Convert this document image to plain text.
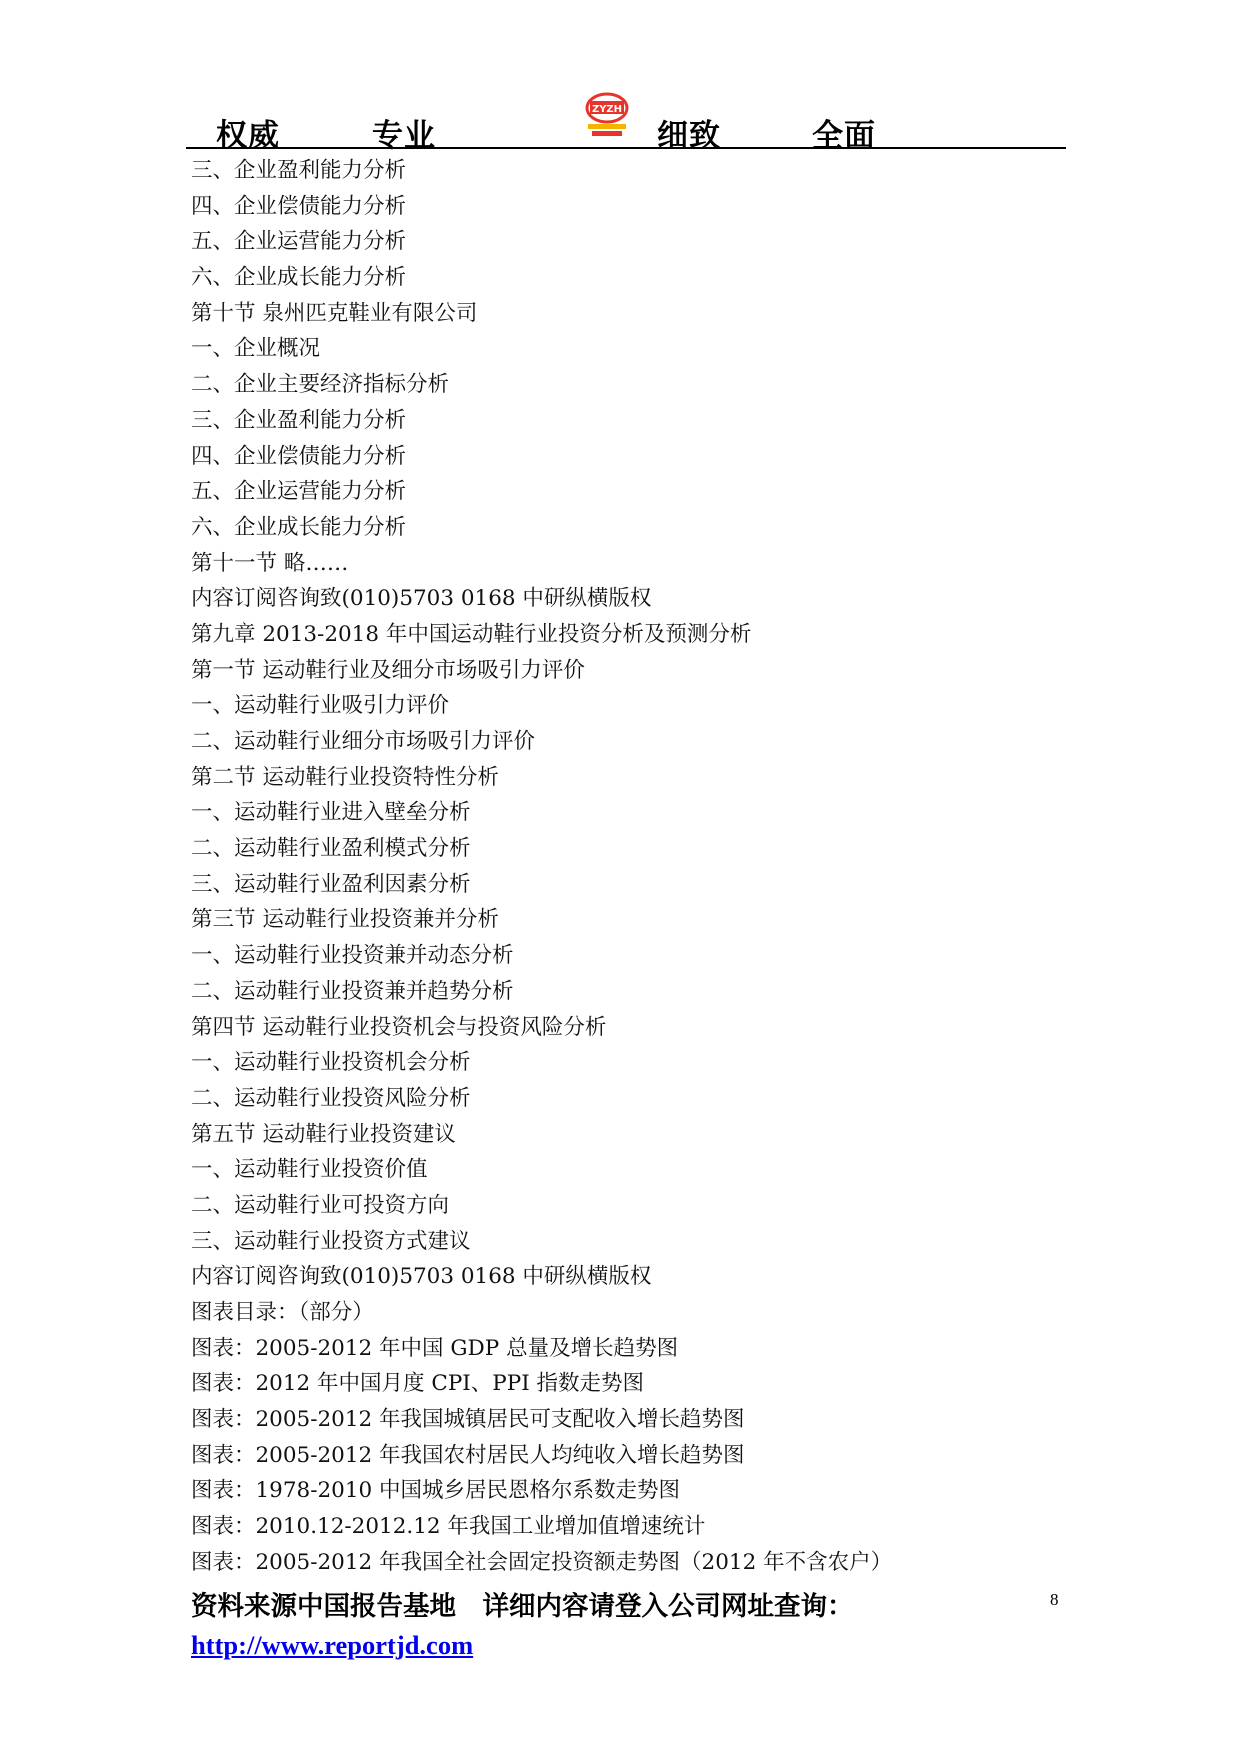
权威	专业
ZYZH
细致	全面
三、企业盈利能力分析
四、企业偿债能力分析
五、企业运营能力分析
六、企业成长能力分析
第十节 泉州匹克鞋业有限公司
一、企业概况
二、企业主要经济指标分析
三、企业盈利能力分析
四、企业偿债能力分析
五、企业运营能力分析
六、企业成长能力分析
第十一节 略……
内容订阅咨询致(010)5703 0168 中研纵横版权
第九章 2013-2018 年中国运动鞋行业投资分析及预测分析
第一节 运动鞋行业及细分市场吸引力评价
一、运动鞋行业吸引力评价
二、运动鞋行业细分市场吸引力评价
第二节 运动鞋行业投资特性分析
一、运动鞋行业进入壁垒分析
二、运动鞋行业盈利模式分析
三、运动鞋行业盈利因素分析
第三节 运动鞋行业投资兼并分析
一、运动鞋行业投资兼并动态分析
二、运动鞋行业投资兼并趋势分析
第四节 运动鞋行业投资机会与投资风险分析
一、运动鞋行业投资机会分析
二、运动鞋行业投资风险分析
第五节 运动鞋行业投资建议
一、运动鞋行业投资价值
二、运动鞋行业可投资方向
三、运动鞋行业投资方式建议
内容订阅咨询致(010)5703 0168 中研纵横版权
图表目录：（部分）
图表：2005-2012 年中国 GDP 总量及增长趋势图
图表：2012 年中国月度 CPI、PPI 指数走势图
图表：2005-2012 年我国城镇居民可支配收入增长趋势图
图表：2005-2012 年我国农村居民人均纯收入增长趋势图
图表：1978-2010 中国城乡居民恩格尔系数走势图
图表：2010.12-2012.12 年我国工业增加值增速统计
图表：2005-2012 年我国全社会固定投资额走势图（2012 年不含农户）
资料来源中国报告基地　详细内容请登入公司网址查询：
http://www.reportjd.com
8
